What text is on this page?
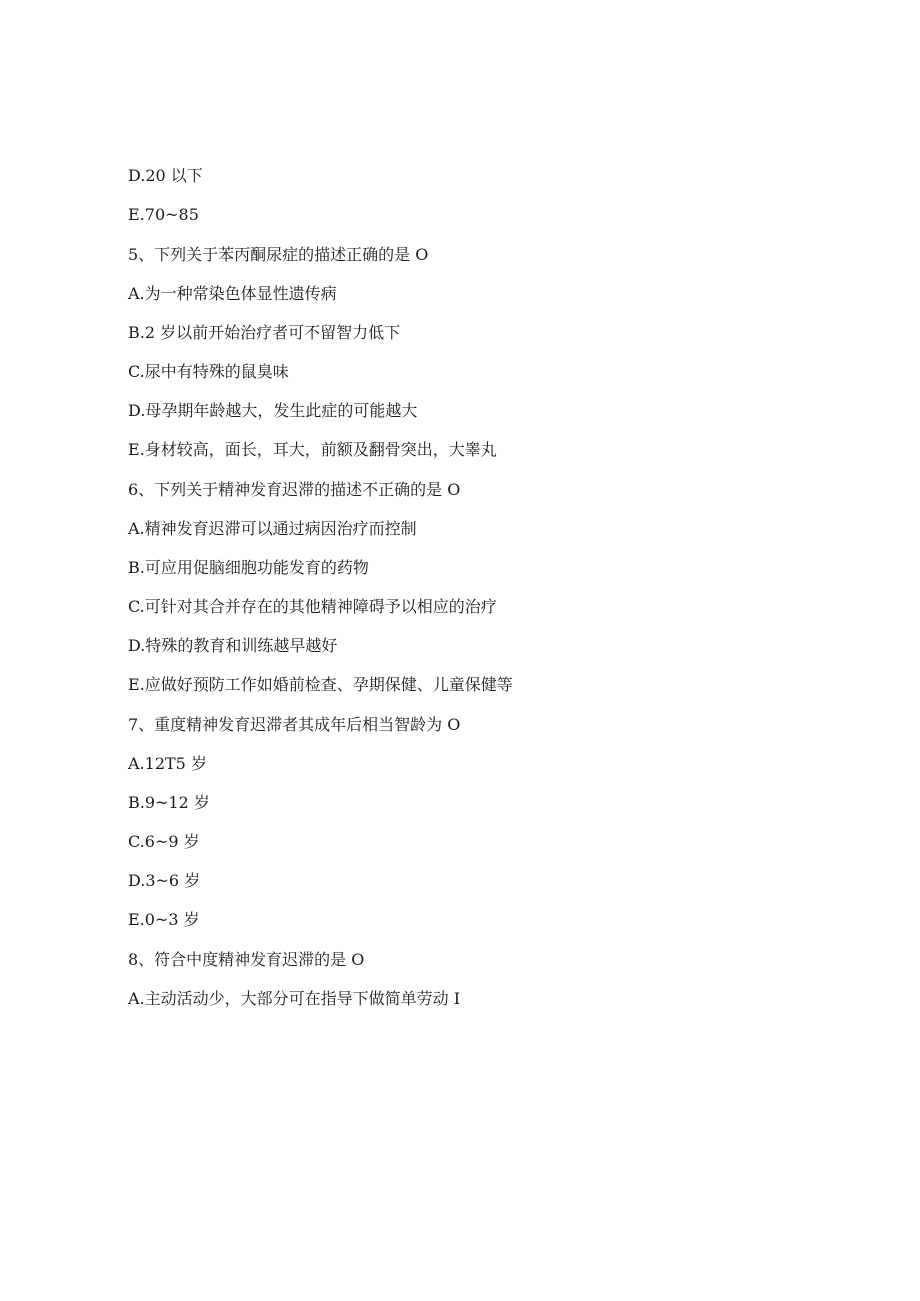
D.20 以下
E.70~85
5、下列关于苯丙酮尿症的描述正确的是 O
A.为一种常染色体显性遗传病
B.2 岁以前开始治疗者可不留智力低下
C.尿中有特殊的鼠臭味
D.母孕期年龄越大，发生此症的可能越大
E.身材较高，面长，耳大，前额及翻骨突出，大睾丸
6、下列关于精神发育迟滞的描述不正确的是 O
A.精神发育迟滞可以通过病因治疗而控制
B.可应用促脑细胞功能发育的药物
C.可针对其合并存在的其他精神障碍予以相应的治疗
D.特殊的教育和训练越早越好
E.应做好预防工作如婚前检查、孕期保健、儿童保健等
7、重度精神发育迟滞者其成年后相当智龄为 O
A.12T5 岁
B.9~12 岁
C.6~9 岁
D.3~6 岁
E.0~3 岁
8、符合中度精神发育迟滞的是 O
A.主动活动少，大部分可在指导下做简单劳动 I
